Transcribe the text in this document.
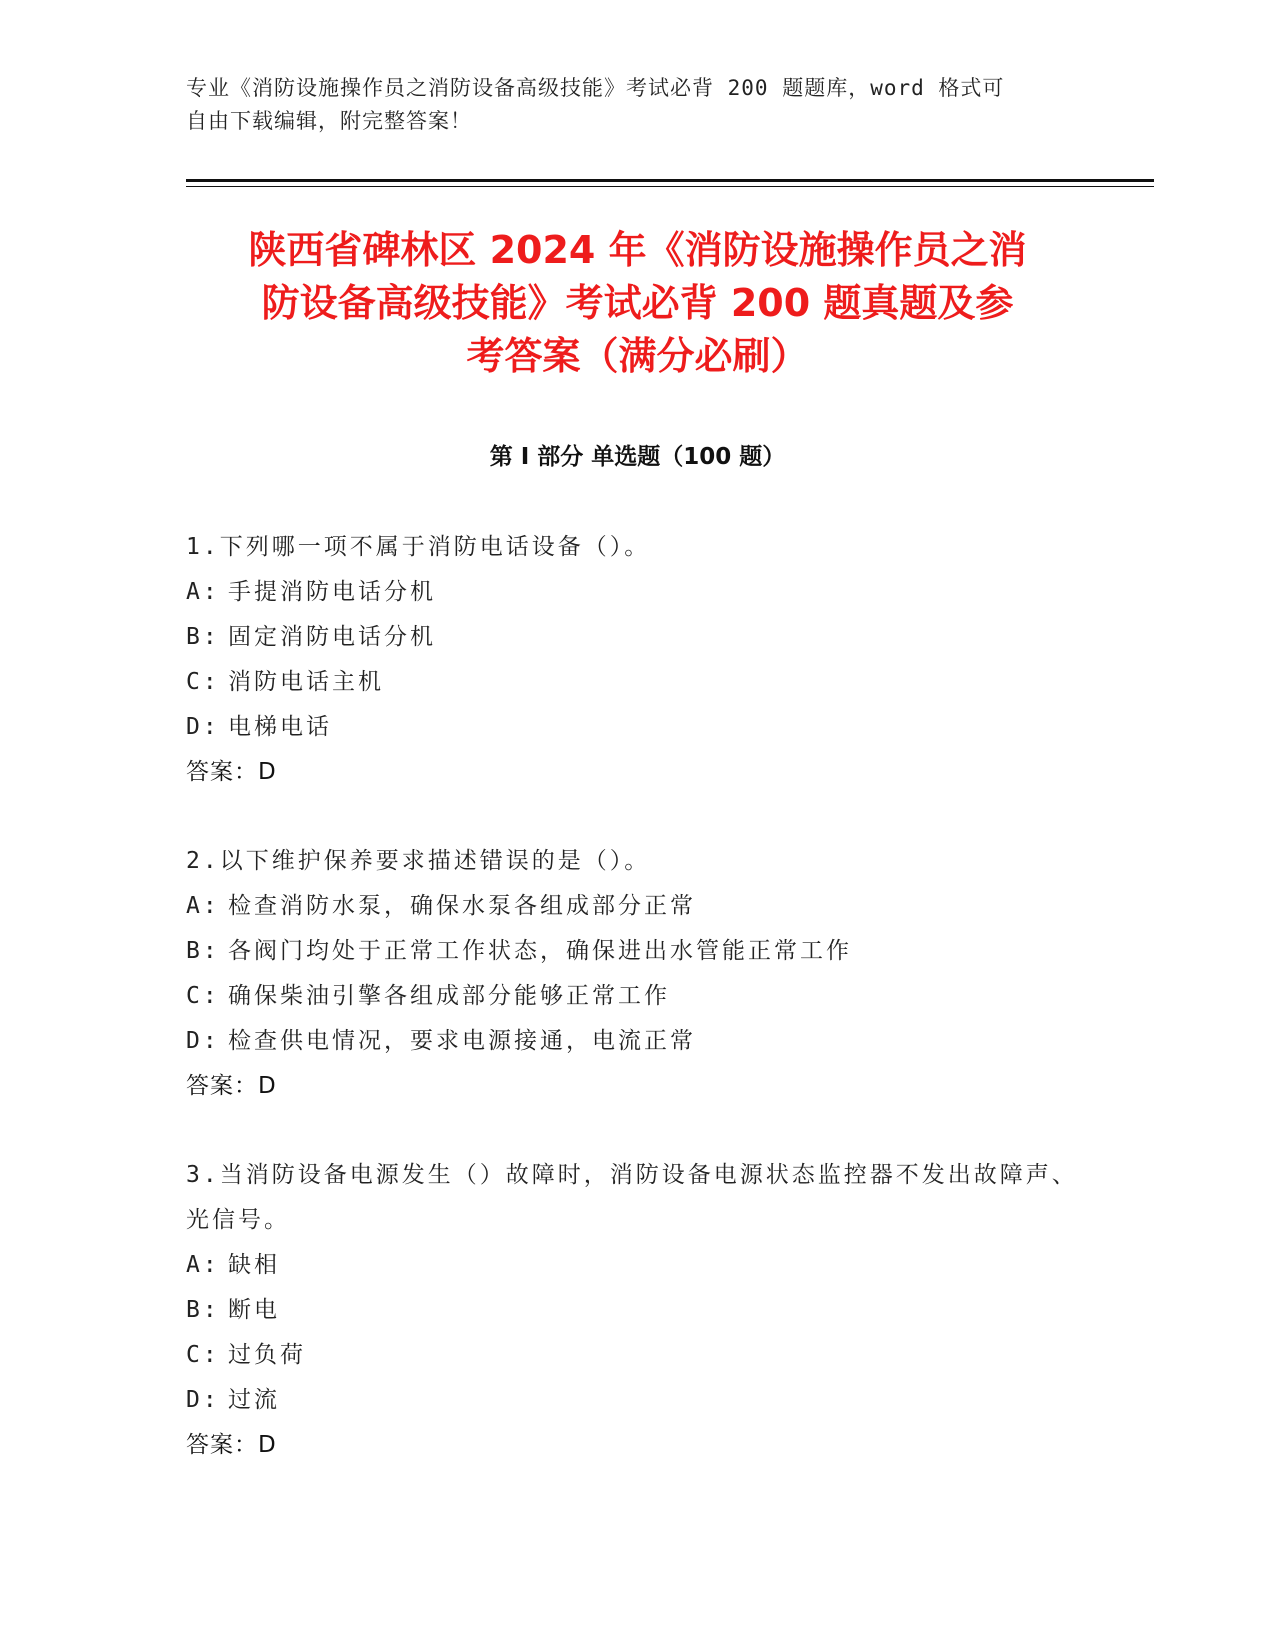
专业《消防设施操作员之消防设备高级技能》考试必背 200 题题库，word 格式可
自由下载编辑，附完整答案！
陕西省碑林区 2024 年《消防设施操作员之消
防设备高级技能》考试必背 200 题真题及参
考答案（满分必刷）
第 I 部分 单选题（100 题）
1.下列哪一项不属于消防电话设备（）。
A: 手提消防电话分机
B: 固定消防电话分机
C: 消防电话主机
D: 电梯电话
答案：D
2.以下维护保养要求描述错误的是（）。
A: 检查消防水泵，确保水泵各组成部分正常
B: 各阀门均处于正常工作状态，确保进出水管能正常工作
C: 确保柴油引擎各组成部分能够正常工作
D: 检查供电情况，要求电源接通，电流正常
答案：D
3.当消防设备电源发生（）故障时，消防设备电源状态监控器不发出故障声、光信号。
A: 缺相
B: 断电
C: 过负荷
D: 过流
答案：D
